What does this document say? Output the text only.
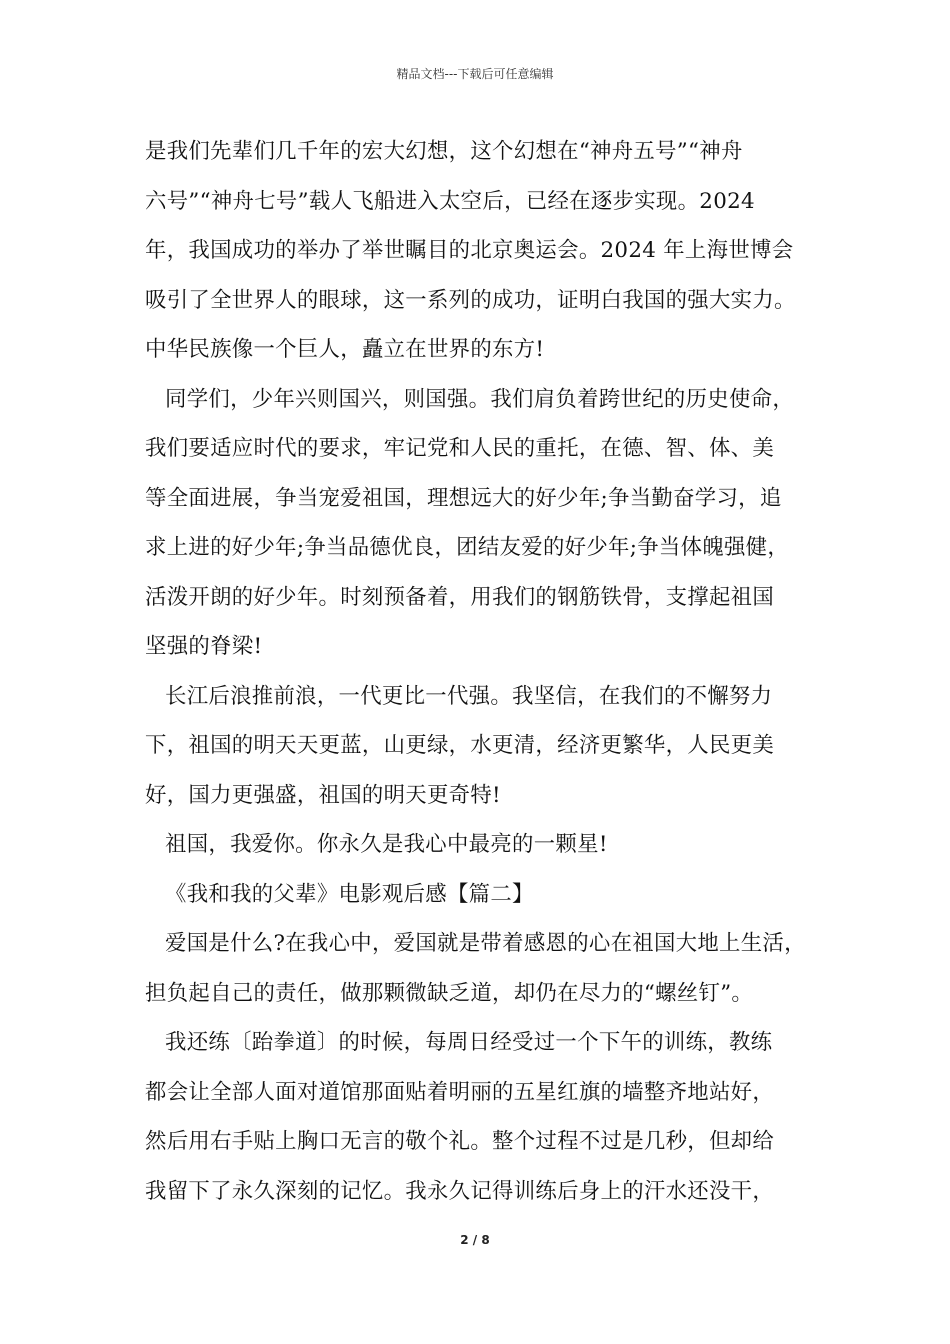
精品文档---下载后可任意编辑

是我们先辈们几千年的宏大幻想，这个幻想在“神舟五号”“神舟
六号”“神舟七号”载人飞船进入太空后，已经在逐步实现。2024
年，我国成功的举办了举世瞩目的北京奥运会。2024 年上海世博会
吸引了全世界人的眼球，这一系列的成功，证明白我国的强大实力。
中华民族像一个巨人，矗立在世界的东方!

同学们，少年兴则国兴，则国强。我们肩负着跨世纪的历史使命，
我们要适应时代的要求，牢记党和人民的重托，在德、智、体、美
等全面进展，争当宠爱祖国，理想远大的好少年;争当勤奋学习，追
求上进的好少年;争当品德优良，团结友爱的好少年;争当体魄强健，
活泼开朗的好少年。时刻预备着，用我们的钢筋铁骨，支撑起祖国
坚强的脊梁!

长江后浪推前浪，一代更比一代强。我坚信，在我们的不懈努力
下，祖国的明天天更蓝，山更绿，水更清，经济更繁华，人民更美
好，国力更强盛，祖国的明天更奇特!

祖国，我爱你。你永久是我心中最亮的一颗星!

《我和我的父辈》电影观后感【篇二】

爱国是什么?在我心中，爱国就是带着感恩的心在祖国大地上生活，
担负起自己的责任，做那颗微缺乏道，却仍在尽力的“螺丝钉”。

我还练〔跆拳道〕的时候，每周日经受过一个下午的训练，教练
都会让全部人面对道馆那面贴着明丽的五星红旗的墙整齐地站好，
然后用右手贴上胸口无言的敬个礼。整个过程不过是几秒，但却给
我留下了永久深刻的记忆。我永久记得训练后身上的汗水还没干，

2 / 8
